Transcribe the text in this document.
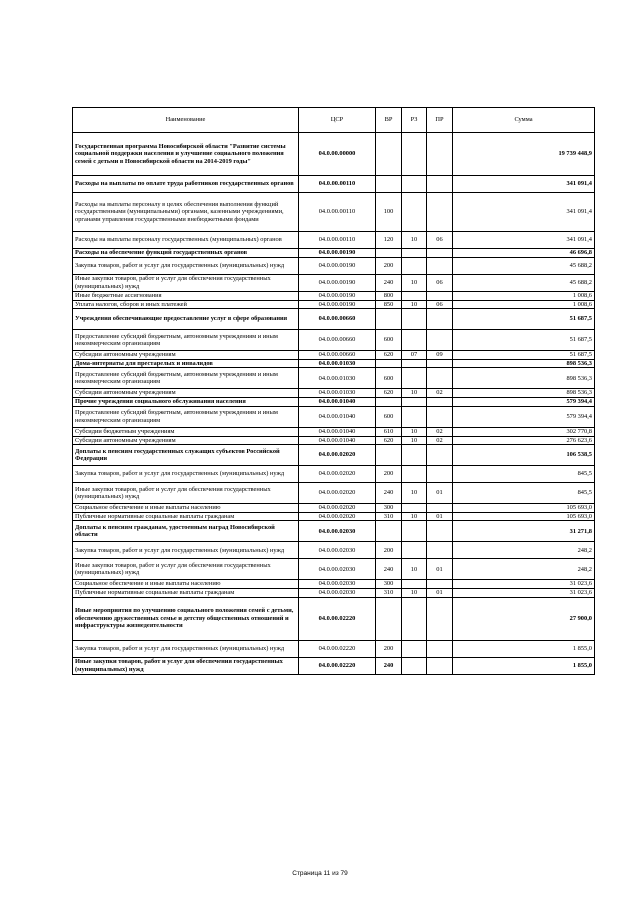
Наименование	ЦСР	ВР	РЗ	ПР	Сумма
Государственная программа Новосибирской области "Развитие системы социальной поддержки населения и улучшение социального положения семей с детьми в Новосибирской области на 2014-2019 годы"	04.0.00.00000				19 739 448,9
Расходы на выплаты по оплате труда работников государственных органов	04.0.00.00110				341 091,4
Расходы на выплаты персоналу в целях обеспечения выполнения функций государственными (муниципальными) органами, казенными учреждениями, органами управления государственными внебюджетными фондами	04.0.00.00110	100			341 091,4
Расходы на выплаты персоналу государственных (муниципальных) органов	04.0.00.00110	120	10	06	341 091,4
Расходы на обеспечение функций государственных органов	04.0.00.00190				46 696,8
Закупка товаров, работ и услуг для государственных (муниципальных) нужд	04.0.00.00190	200			45 688,2
Иные закупки товаров, работ и услуг для обеспечения государственных (муниципальных) нужд	04.0.00.00190	240	10	06	45 688,2
Иные бюджетные ассигнования	04.0.00.00190	800			1 008,6
Уплата налогов, сборов и иных платежей	04.0.00.00190	850	10	06	1 008,6
Учреждения обеспечивающие предоставление услуг в сфере образования	04.0.00.00660				51 687,5
Предоставление субсидий бюджетным, автономным учреждениям и иным некоммерческим организациям	04.0.00.00660	600			51 687,5
Субсидии автономным учреждениям	04.0.00.00660	620	07	09	51 687,5
Дома-интернаты для престарелых и инвалидов	04.0.00.01030				898 536,3
Предоставление субсидий бюджетным, автономным учреждениям и иным некоммерческим организациям	04.0.00.01030	600			898 536,3
Субсидии автономным учреждениям	04.0.00.01030	620	10	02	898 536,3
Прочие учреждения социального обслуживания населения	04.0.00.01040				579 394,4
Предоставление субсидий бюджетным, автономным учреждениям и иным некоммерческим организациям	04.0.00.01040	600			579 394,4
Субсидии бюджетным учреждениям	04.0.00.01040	610	10	02	302 770,8
Субсидии автономным учреждениям	04.0.00.01040	620	10	02	276 623,6
Доплаты к пенсиям государственных служащих субъектов Российской Федерации	04.0.00.02020				106 538,5
Закупка товаров, работ и услуг для государственных (муниципальных) нужд	04.0.00.02020	200			845,5
Иные закупки товаров, работ и услуг для обеспечения государственных (муниципальных) нужд	04.0.00.02020	240	10	01	845,5
Социальное обеспечение и иные выплаты населению	04.0.00.02020	300			105 693,0
Публичные нормативные социальные выплаты гражданам	04.0.00.02020	310	10	01	105 693,0
Доплаты к пенсиям гражданам, удостоенным наград Новосибирской области	04.0.00.02030				31 271,8
Закупка товаров, работ и услуг для государственных (муниципальных) нужд	04.0.00.02030	200			248,2
Иные закупки товаров, работ и услуг для обеспечения государственных (муниципальных) нужд	04.0.00.02030	240	10	01	248,2
Социальное обеспечение и иные выплаты населению	04.0.00.02030	300			31 023,6
Публичные нормативные социальные выплаты гражданам	04.0.00.02030	310	10	01	31 023,6
Иные мероприятия по улучшению социального положения семей с детьми, обеспечению дружественных семье и детству общественных отношений и инфраструктуры жизнедеятельности	04.0.00.02220				27 900,0
Закупка товаров, работ и услуг для государственных (муниципальных) нужд	04.0.00.02220	200			1 855,0
Иные закупки товаров, работ и услуг для обеспечения государственных (муниципальных) нужд	04.0.00.02220	240			1 855,0
Страница 11 из 79
